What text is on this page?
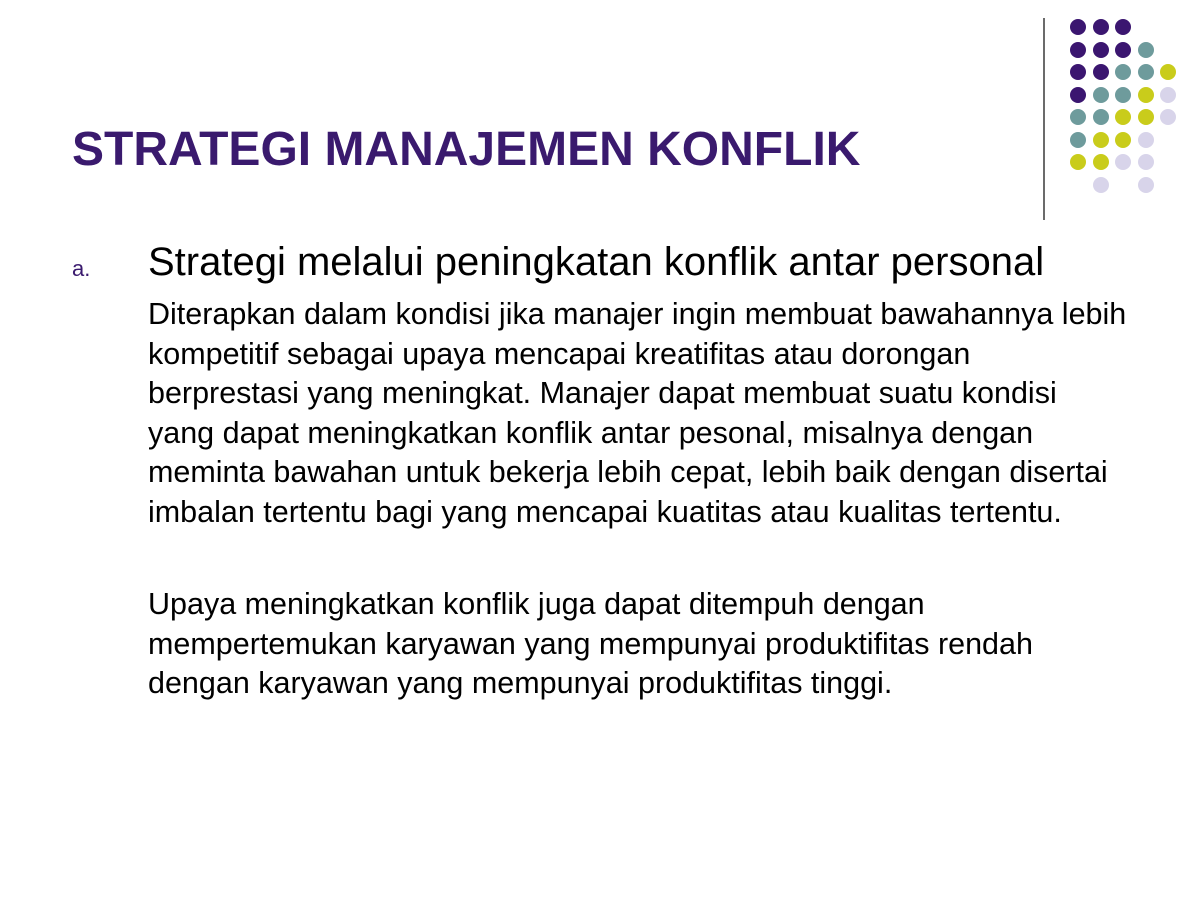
STRATEGI MANAJEMEN KONFLIK
a. Strategi melalui peningkatan konflik antar personal

Diterapkan dalam kondisi jika manajer ingin membuat bawahannya lebih kompetitif sebagai upaya mencapai kreatifitas atau dorongan berprestasi yang meningkat. Manajer dapat membuat suatu kondisi yang dapat meningkatkan konflik antar pesonal, misalnya dengan meminta bawahan untuk bekerja lebih cepat, lebih baik dengan disertai imbalan tertentu bagi yang mencapai kuatitas atau kualitas tertentu.

Upaya meningkatkan konflik juga dapat ditempuh dengan mempertemukan karyawan yang mempunyai produktifitas rendah dengan karyawan yang mempunyai produktifitas tinggi.
